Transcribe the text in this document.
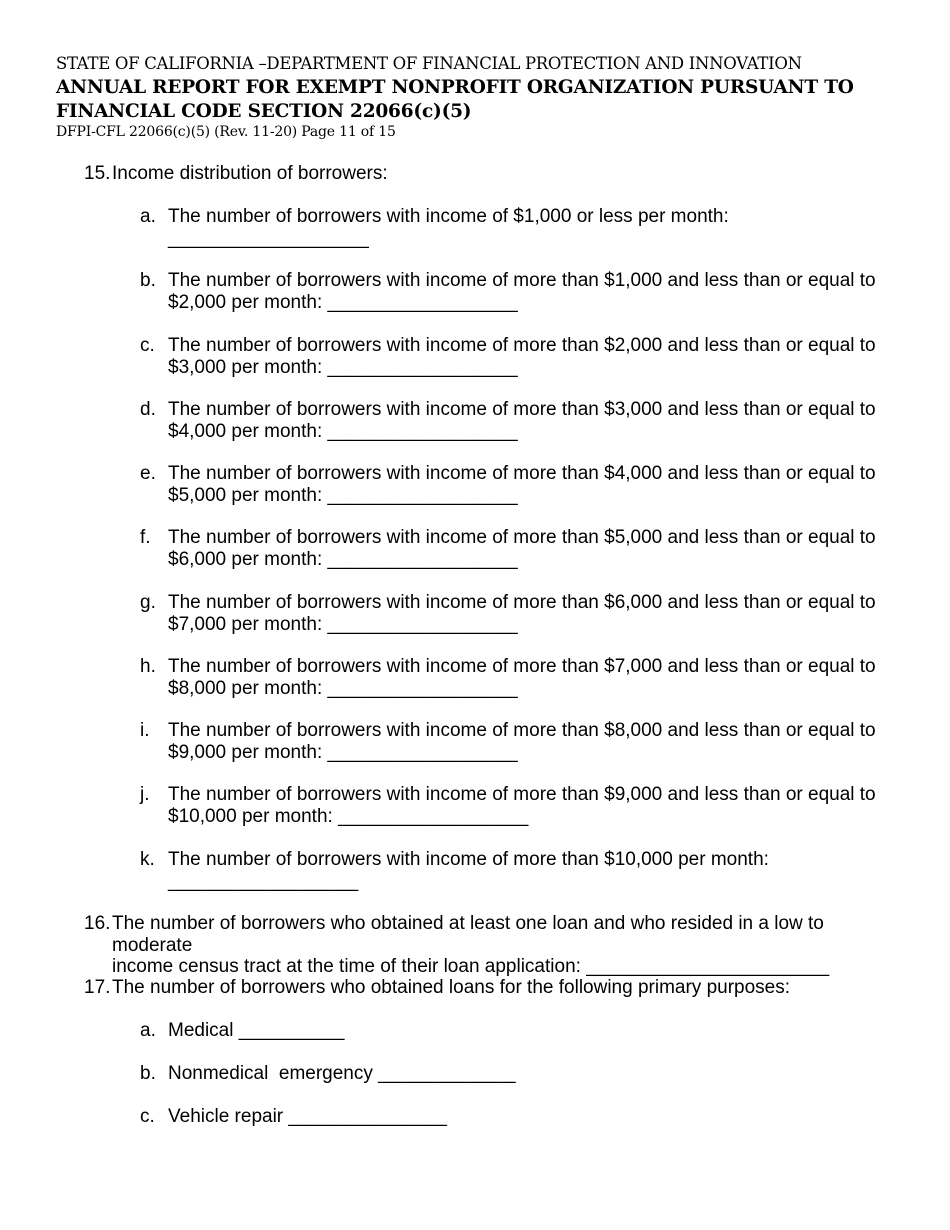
STATE OF CALIFORNIA –DEPARTMENT OF FINANCIAL PROTECTION AND INNOVATION
ANNUAL REPORT FOR EXEMPT NONPROFIT ORGANIZATION PURSUANT TO
FINANCIAL CODE SECTION 22066(c)(5)
DFPI-CFL 22066(c)(5) (Rev. 11-20) Page 11 of 15
15. Income distribution of borrowers:
a. The number of borrowers with income of $1,000 or less per month:
___________________
b. The number of borrowers with income of more than $1,000 and less than or equal to
$2,000 per month: __________________
c. The number of borrowers with income of more than $2,000 and less than or equal to
$3,000 per month: __________________
d. The number of borrowers with income of more than $3,000 and less than or equal to
$4,000 per month: __________________
e. The number of borrowers with income of more than $4,000 and less than or equal to
$5,000 per month: __________________
f. The number of borrowers with income of more than $5,000 and less than or equal to
$6,000 per month: __________________
g. The number of borrowers with income of more than $6,000 and less than or equal to
$7,000 per month: __________________
h. The number of borrowers with income of more than $7,000 and less than or equal to
$8,000 per month: __________________
i. The number of borrowers with income of more than $8,000 and less than or equal to
$9,000 per month: __________________
j. The number of borrowers with income of more than $9,000 and less than or equal to
$10,000 per month: __________________
k. The number of borrowers with income of more than $10,000 per month:
__________________
16. The number of borrowers who obtained at least one loan and who resided in a low to moderate
income census tract at the time of their loan application: _______________________
17. The number of borrowers who obtained loans for the following primary purposes:
a. Medical __________
b. Nonmedical  emergency _____________
c. Vehicle repair _______________
